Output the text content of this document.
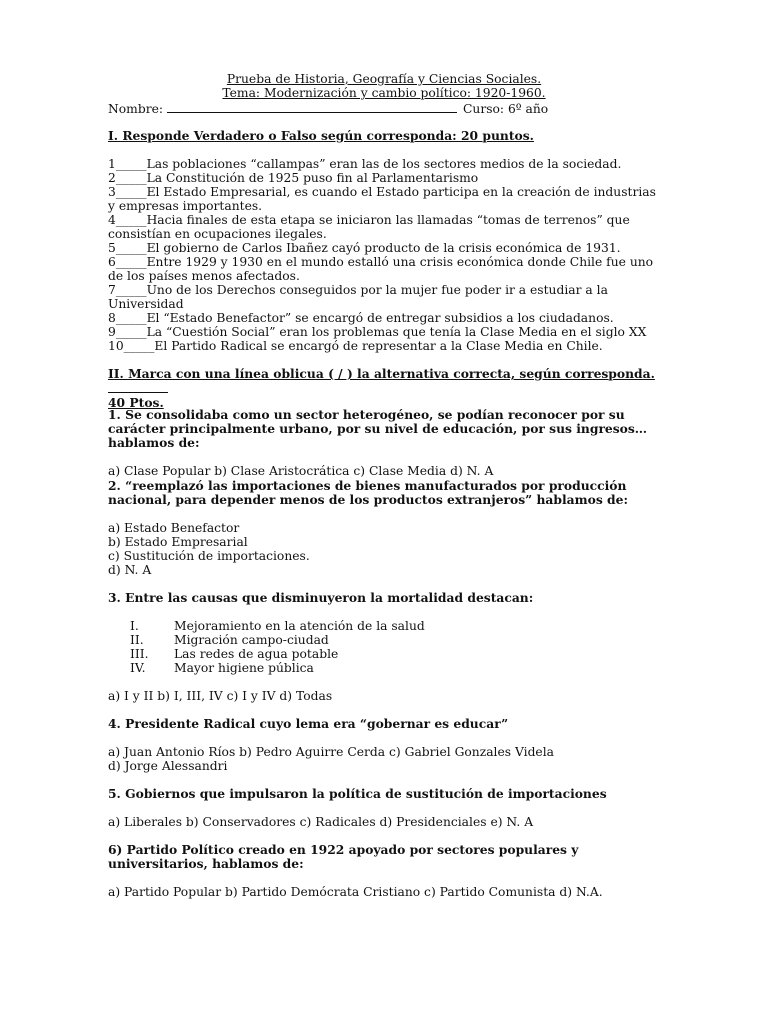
Prueba de Historia, Geografía y Ciencias Sociales.
Tema: Modernización y cambio político: 1920-1960.
Nombre:	Curso: 6º año
I. Responde Verdadero o Falso según corresponda: 20 puntos.
1_____Las poblaciones “callampas” eran las de los sectores medios de la sociedad.
2_____La Constitución de 1925 puso fin al Parlamentarismo
3_____El Estado Empresarial, es cuando el Estado participa en la creación de industrias y empresas importantes.
4_____Hacia finales de esta etapa se iniciaron las llamadas “tomas de terrenos” que consistían en ocupaciones ilegales.
5_____El gobierno de Carlos Ibañez cayó producto de la crisis económica de 1931.
6_____Entre 1929 y 1930 en el mundo estalló una crisis económica donde Chile fue uno de los países menos afectados.
7_____Uno de los Derechos conseguidos por la mujer fue poder ir a estudiar a la Universidad
8_____El “Estado Benefactor” se encargó de entregar subsidios a los ciudadanos.
9_____La “Cuestión Social” eran los problemas que tenía la Clase Media en el siglo XX
10_____El Partido Radical se encargó de representar a la Clase Media en Chile.
II. Marca con una línea oblicua ( / ) la alternativa correcta, según corresponda.
40 Ptos.
1. Se consolidaba como un sector heterogéneo, se podían reconocer por su carácter principalmente urbano, por su nivel de educación, por sus ingresos…hablamos de:
a) Clase Popular b) Clase Aristocrática c) Clase Media d) N. A
2. “reemplazó las importaciones de bienes manufacturados por producción nacional, para depender menos de los productos extranjeros” hablamos de:
a) Estado Benefactor
b) Estado Empresarial
c) Sustitución de importaciones.
d) N. A
3. Entre las causas que disminuyeron la mortalidad destacan:
I.	Mejoramiento en la atención de la salud
II.	Migración campo-ciudad
III.	Las redes de agua potable
IV.	Mayor higiene pública
a) I y II b) I, III, IV c) I y IV d) Todas
4. Presidente Radical cuyo lema era “gobernar es educar”
a) Juan Antonio Ríos b) Pedro Aguirre Cerda c) Gabriel Gonzales Videla
d) Jorge Alessandri
5. Gobiernos que impulsaron la política de sustitución de importaciones
a) Liberales b) Conservadores c) Radicales d) Presidenciales e) N. A
6) Partido Político creado en 1922 apoyado por sectores populares y universitarios, hablamos de:
a) Partido Popular b) Partido Demócrata Cristiano c) Partido Comunista d) N.A.
